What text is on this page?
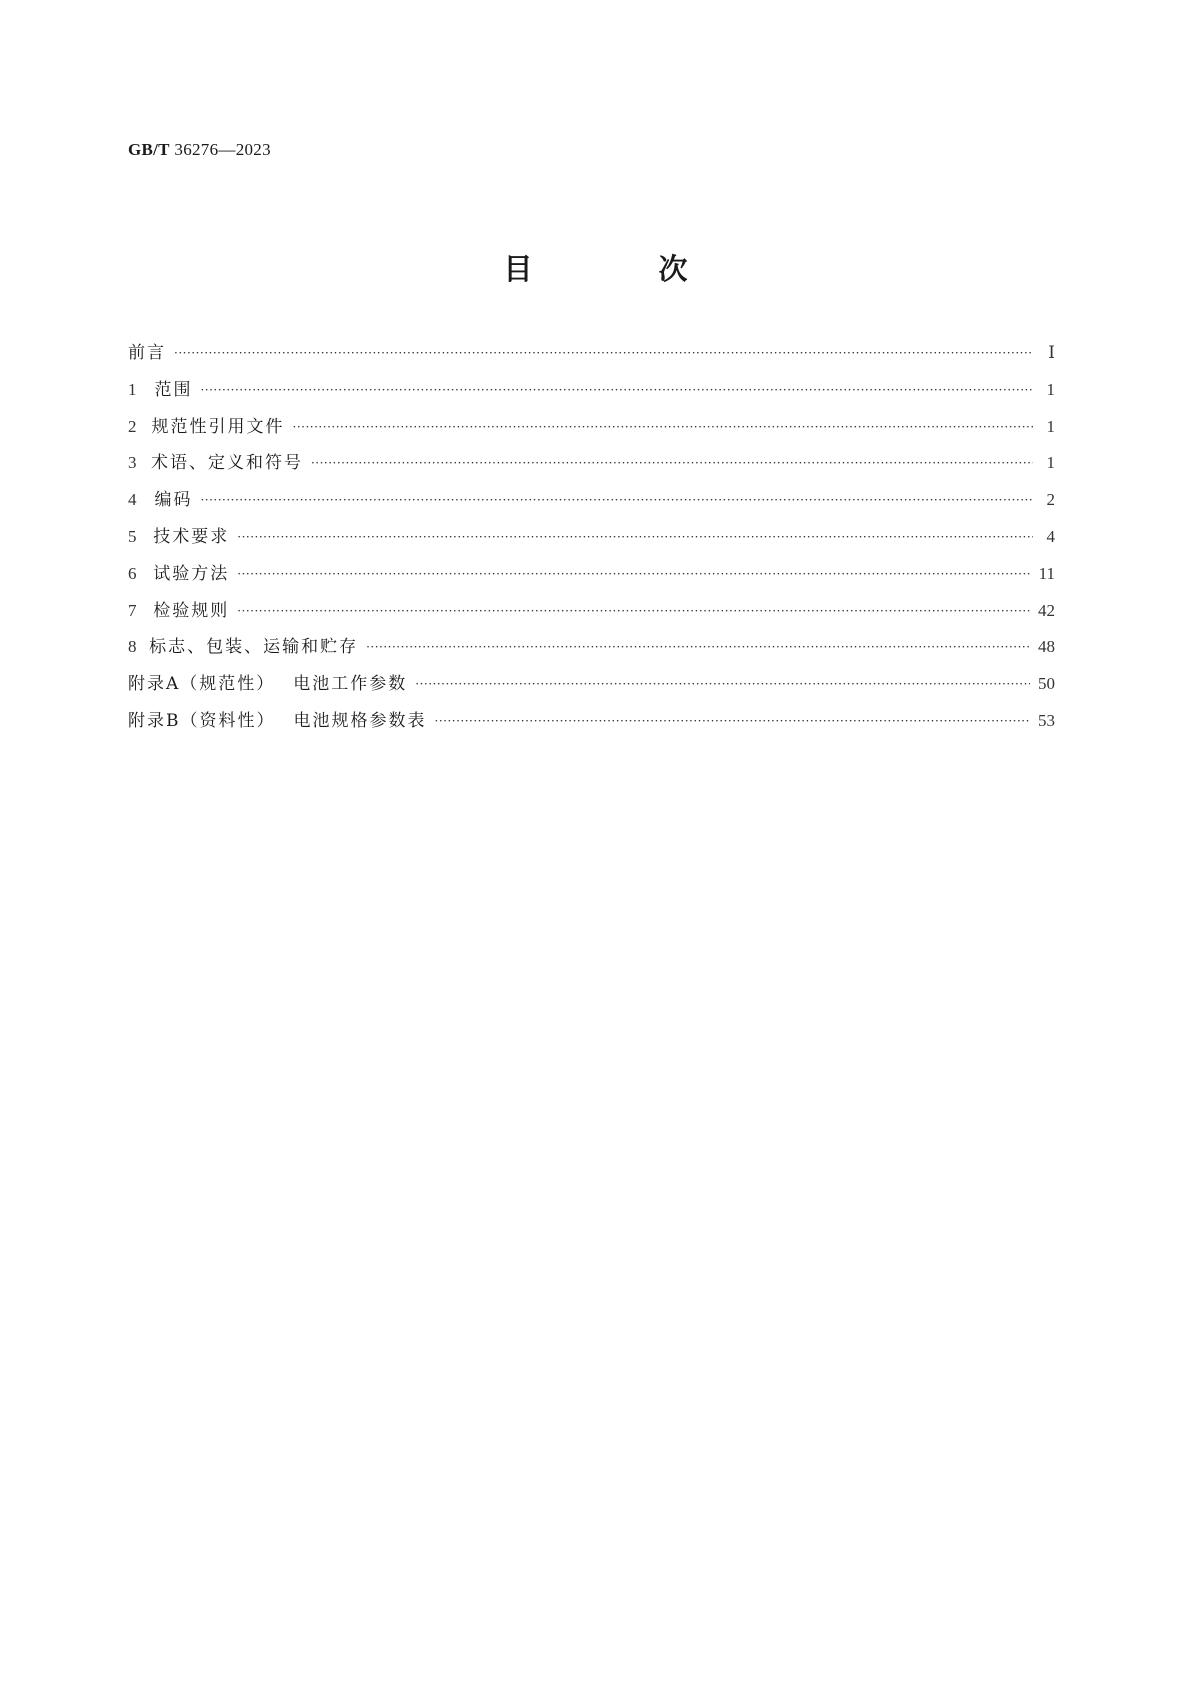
GB/T 36276—2023
目 次
前言 ·····	Ⅰ
1	范围 ·····	1
2 规范性引用文件 ·····	1
3 术语、定义和符号 ·····	1
4	编码 ·····	2
5 技术要求 ·····	4
6 试验方法 ·····	11
7 检验规则 ·····	42
8 标志、包装、运输和贮存 ·····	48
附录A（规范性） 电池工作参数 ·····	50
附录B（资料性） 电池规格参数表 ·····	53
